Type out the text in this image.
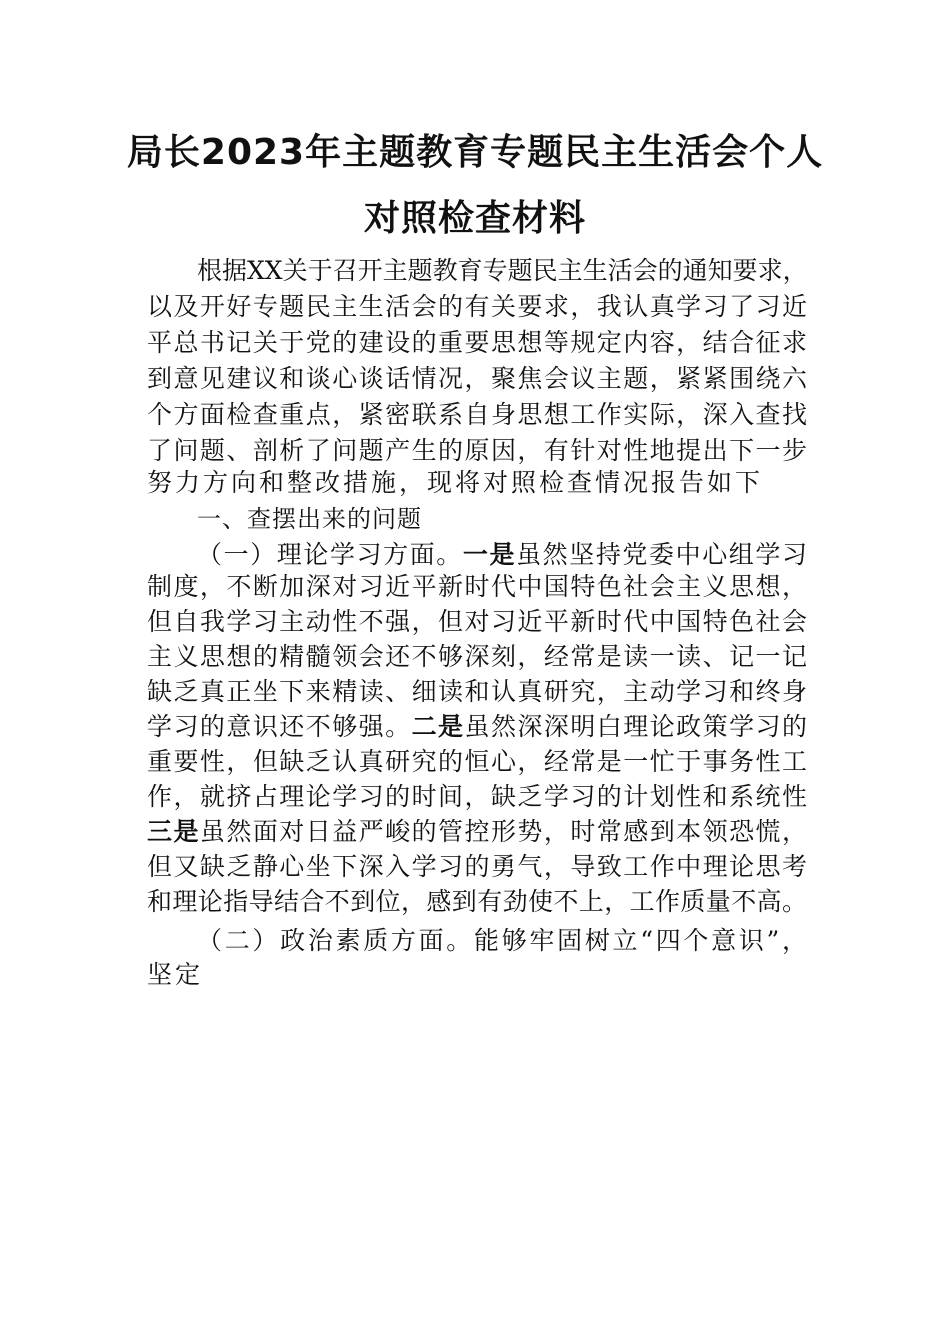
局长2023年主题教育专题民主生活会个人
对照检查材料

根据XX关于召开主题教育专题民主生活会的通知要求，

以及开好专题民主生活会的有关要求，我认真学习了习近

平总书记关于党的建设的重要思想等规定内容，结合征求

到意见建议和谈心谈话情况，聚焦会议主题，紧紧围绕六

个方面检查重点，紧密联系自身思想工作实际，深入查找

了问题、剖析了问题产生的原因，有针对性地提出下一步

努力方向和整改措施，现将对照检查情况报告如下

一、查摆出来的问题

（一）理论学习方面。一是虽然坚持党委中心组学习

制度，不断加深对习近平新时代中国特色社会主义思想，

但自我学习主动性不强，但对习近平新时代中国特色社会

主义思想的精髓领会还不够深刻，经常是读一读、记一记

缺乏真正坐下来精读、细读和认真研究，主动学习和终身

学习的意识还不够强。二是虽然深深明白理论政策学习的

重要性，但缺乏认真研究的恒心，经常是一忙于事务性工

作，就挤占理论学习的时间，缺乏学习的计划性和系统性

三是虽然面对日益严峻的管控形势，时常感到本领恐慌，

但又缺乏静心坐下深入学习的勇气，导致工作中理论思考

和理论指导结合不到位，感到有劲使不上，工作质量不高。

（二）政治素质方面。能够牢固树立“四个意识”，

坚定
